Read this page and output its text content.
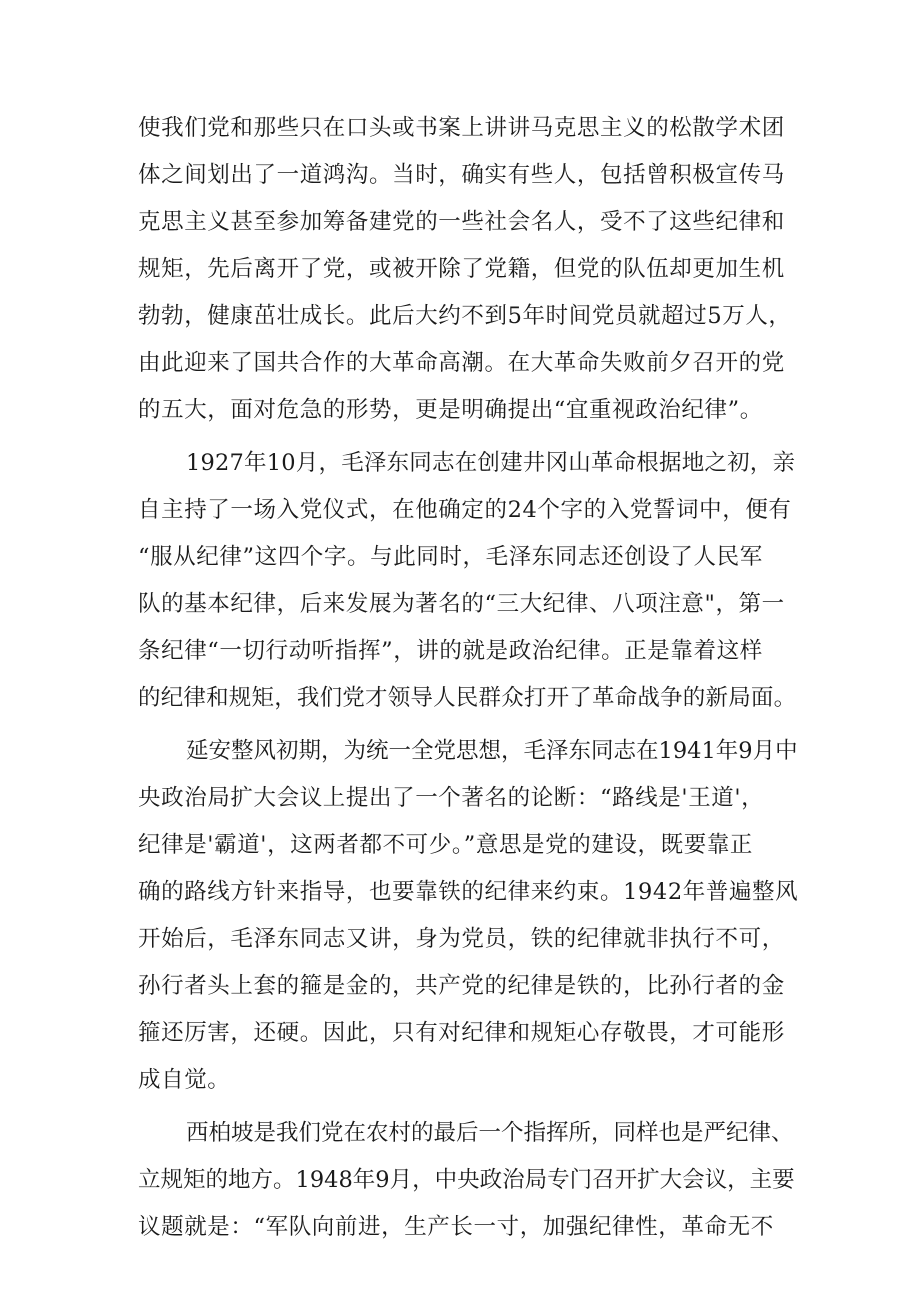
使我们党和那些只在口头或书案上讲讲马克思主义的松散学术团
体之间划出了一道鸿沟。当时，确实有些人，包括曾积极宣传马
克思主义甚至参加筹备建党的一些社会名人，受不了这些纪律和
规矩，先后离开了党，或被开除了党籍，但党的队伍却更加生机
勃勃，健康茁壮成长。此后大约不到5年时间党员就超过5万人，
由此迎来了国共合作的大革命高潮。在大革命失败前夕召开的党
的五大，面对危急的形势，更是明确提出“宜重视政治纪律”。
1927年10月，毛泽东同志在创建井冈山革命根据地之初，亲
自主持了一场入党仪式，在他确定的24个字的入党誓词中，便有
“服从纪律”这四个字。与此同时，毛泽东同志还创设了人民军
队的基本纪律，后来发展为著名的“三大纪律、八项注意"，第一
条纪律“一切行动听指挥”，讲的就是政治纪律。正是靠着这样
的纪律和规矩，我们党才领导人民群众打开了革命战争的新局面。
延安整风初期，为统一全党思想，毛泽东同志在1941年9月中
央政治局扩大会议上提出了一个著名的论断：“路线是'王道'，
纪律是'霸道'，这两者都不可少。”意思是党的建设，既要靠正
确的路线方针来指导，也要靠铁的纪律来约束。1942年普遍整风
开始后，毛泽东同志又讲，身为党员，铁的纪律就非执行不可，
孙行者头上套的箍是金的，共产党的纪律是铁的，比孙行者的金
箍还厉害，还硬。因此，只有对纪律和规矩心存敬畏，才可能形
成自觉。
西柏坡是我们党在农村的最后一个指挥所，同样也是严纪律、
立规矩的地方。1948年9月，中央政治局专门召开扩大会议，主要
议题就是：“军队向前进，生产长一寸，加强纪律性，革命无不
